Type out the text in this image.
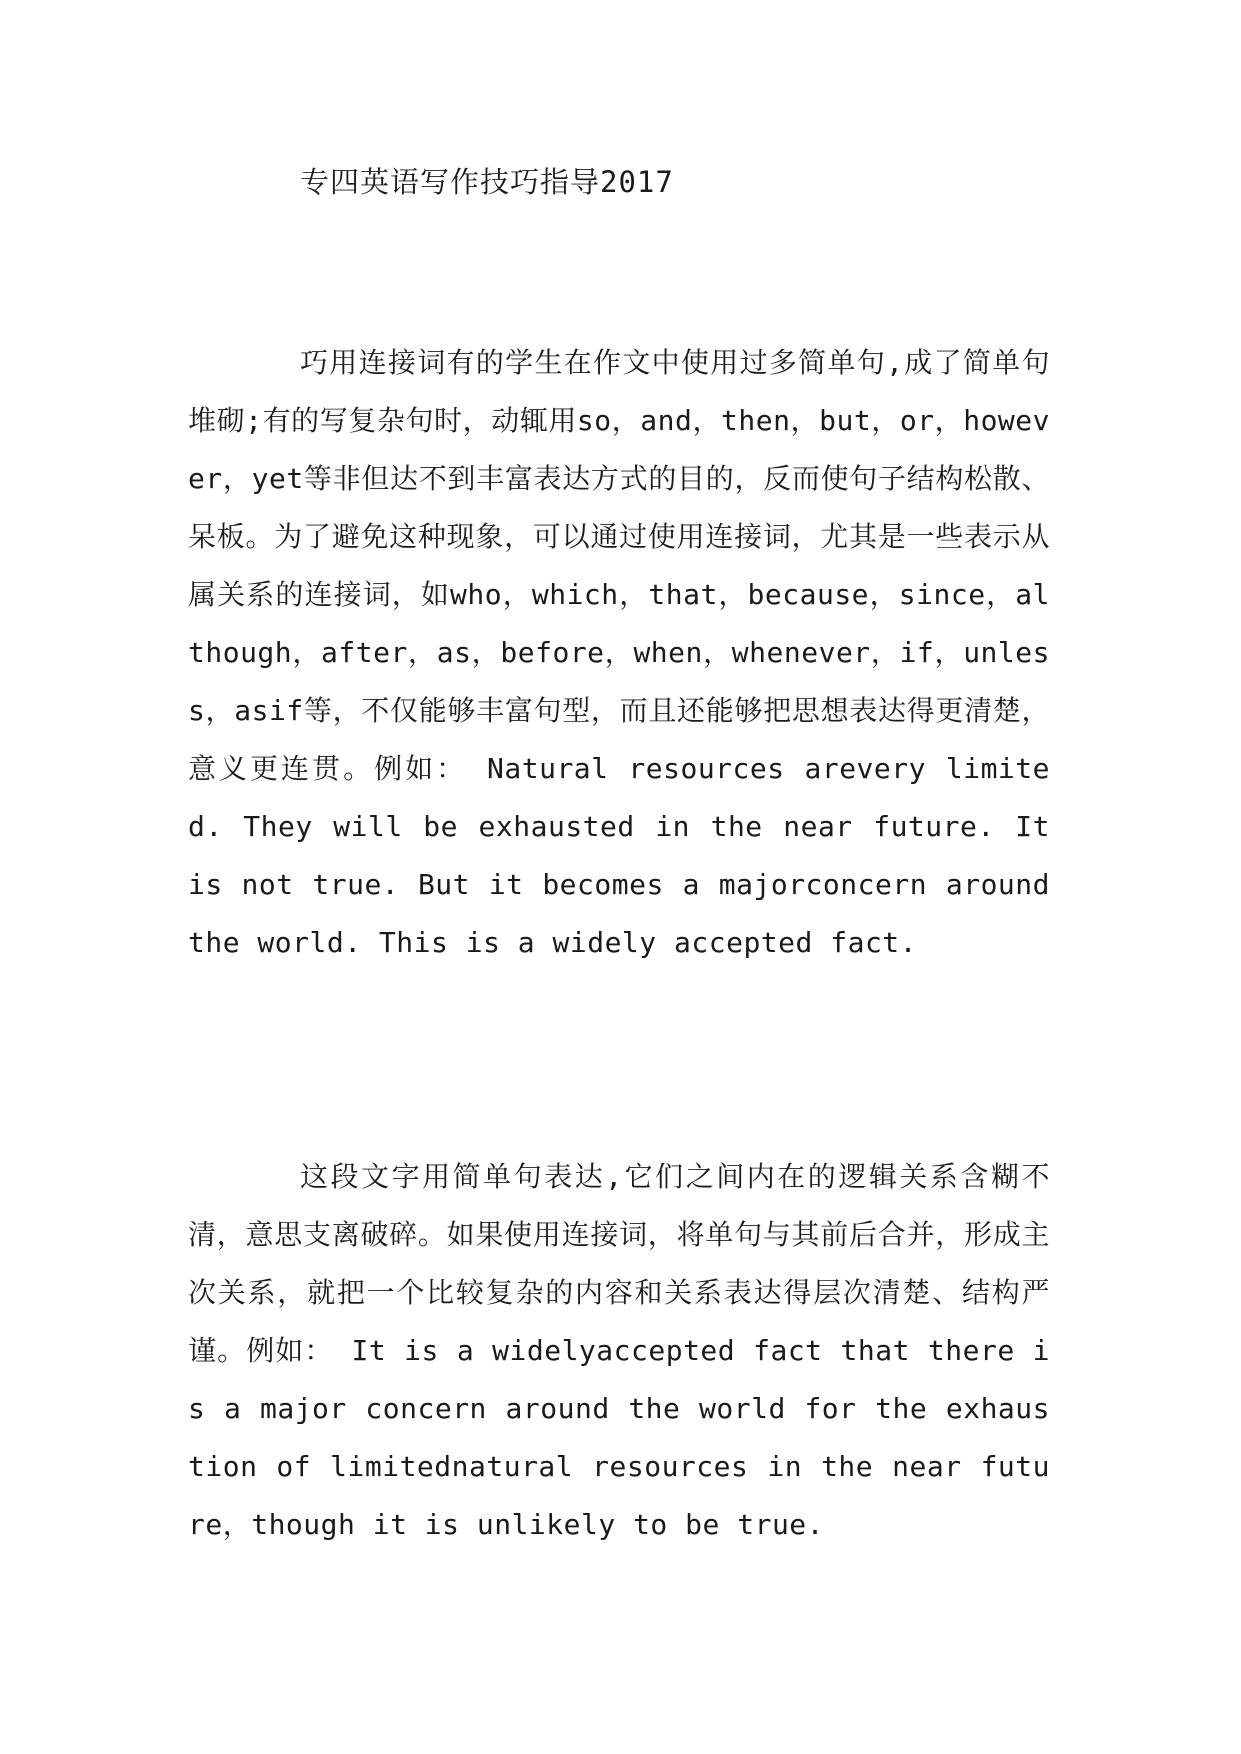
专四英语写作技巧指导2017

巧用连接词有的学生在作文中使用过多简单句,成了简单句堆砌;有的写复杂句时，动辄用so，and，then，but，or，however，yet等非但达不到丰富表达方式的目的，反而使句子结构松散、呆板。为了避免这种现象，可以通过使用连接词，尤其是一些表示从属关系的连接词，如who，which，that，because，since，although，after，as，before，when，whenever，if，unless，asif等，不仅能够丰富句型，而且还能够把思想表达得更清楚，意义更连贯。例如： Natural resources arevery limited. They will be exhausted in the near future. It is not true. But it becomes a majorconcern around the world. This is a widely accepted fact.

这段文字用简单句表达,它们之间内在的逻辑关系含糊不清，意思支离破碎。如果使用连接词，将单句与其前后合并，形成主次关系，就把一个比较复杂的内容和关系表达得层次清楚、结构严谨。例如： It is a widelyaccepted fact that there is a major concern around the world for the exhaustion of limitednatural resources in the near future，though it is unlikely to be true.
